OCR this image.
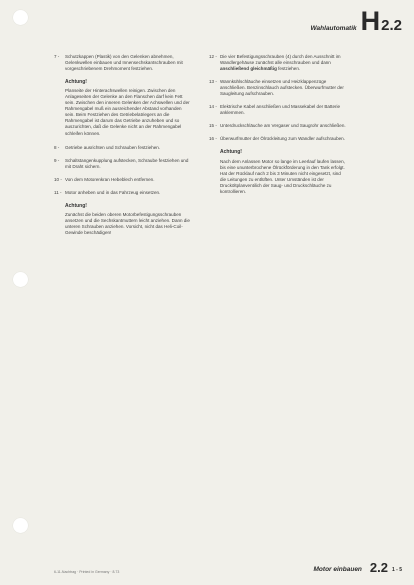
Wahlautomatik H 2.2
7 -	Schutzkappen (Plastik) von den Gelenken abnehmen, Gelenkwellen einbauen und Innensechskantschrauben mit vorgeschriebenem Drehmoment festziehen.
Achtung!
Planseite der Hinterachswellen reinigen. Zwischen den Anlageseiten der Gelenke an den Flanschen darf kein Fett sein. Zwischen den inneren Gelenken der Achswellen und der Rahmengabel muß ein ausreichender Abstand vorhanden sein. Beim Festziehen des Getriebelatriegers an die Rahmengabel ist darum das Getriebe anzuheben und so auszurichten, daß die Gelenke nicht an der Rahmengabel schleifen können.
8 -	Getriebe ausrichten und Schrauben festziehen.
9 -	Schaltstangenkupplung aufstecken, Schraube festziehen und mit Draht sichern.
10 - Von dem Motorenkran Hebeblech entfernen.
11 - Motor anheben und in das Fahrzeug einsetzen.
Achtung!
Zunächst die beiden oberen Motorbefestigungsschrauben ansetzen und die Sechskantmuttern leicht anziehen. Dann die unteren Schrauben anziehen. Vorsicht, nicht das Heli-Coil-Gewinde beschädigen!
12 - Die vier Befestigungsschrauben (4) durch den Ausschnitt im Wandlergehäuse zunächst alle einschrauben und dann anschließend gleichmäßig festziehen.
13 - Wannkühlschläuche einsetzen und Heizklappenzüge anschließen. Benzinschlauch aufstecken. Überwurfmutter der Saugleitung aufschrauben.
14 - Elektrische Kabel anschließen und Massekabel der Batterie anklemmen.
15 - Unterdruckschläuche am Vergaser und Saugrohr anschließen.
16 - Überwurfmutter der Ölrückleitung zum Wandler aufschrauben.
Achtung!
Nach dem Anlassen Motor so lange im Leerlauf laufen lassen, bis eine ununterbrochene Ölrückförderung in den Tank erfolgt. Hat der Rücklauf nach 2 bis 3 Minuten nicht eingesetzt, sind die Leitungen zu entlüften. Unter Umständen ist der Drucköltplanventilich der Saug- und Druckschläuche zu kontrollieren.
6-11-Nachtrag · Printed in Germany · 8.73	Motor einbauen 2.2 1 - 5
